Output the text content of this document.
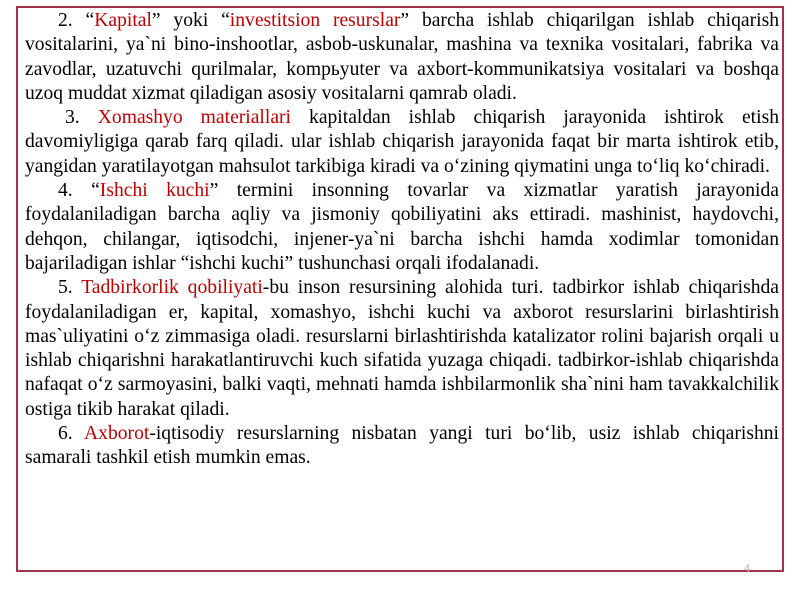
2. “Kapital” yoki “investitsion resurslar” barcha ishlab chiqarilgan ishlab chiqarish vositalarini, ya`ni bino-inshootlar, asbob-uskunalar, mashina va texnika vositalari, fabrika va zavodlar, uzatuvchi qurilmalar, kompьyuter va axbort-kommunikatsiya vositalari va boshqa uzoq muddat xizmat qiladigan asosiy vositalarni qamrab oladi.

3. Xomashyo materiallari kapitaldan ishlab chiqarish jarayonida ishtirok etish davomiyligiga qarab farq qiladi. ular ishlab chiqarish jarayonida faqat bir marta ishtirok etib, yangidan yaratilayotgan mahsulot tarkibiga kiradi va o‘zining qiymatini unga to‘liq ko‘chiradi.

4. “Ishchi kuchi” termini insonning tovarlar va xizmatlar yaratish jarayonida foydalaniladigan barcha aqliy va jismoniy qobiliyatini aks ettiradi. mashinist, haydovchi, dehqon, chilangar, iqtisodchi, injener-ya`ni barcha ishchi hamda xodimlar tomonidan bajariladigan ishlar “ishchi kuchi” tushunchasi orqali ifodalanadi.

5. Tadbirkorlik qobiliyati-bu inson resursining alohida turi. tadbirkor ishlab chiqarishda foydalaniladigan er, kapital, xomashyo, ishchi kuchi va axborot resurslarini birlashtirish mas`uliyatini o‘z zimmasiga oladi. resurslarni birlashtirishda katalizator rolini bajarish orqali u ishlab chiqarishni harakatlantiruvchi kuch sifatida yuzaga chiqadi. tadbirkor-ishlab chiqarishda nafaqat o‘z sarmoyasini, balki vaqti, mehnati hamda ishbilarmonlik sha`nini ham tavakkalchilik ostiga tikib harakat qiladi.

6. Axborot-iqtisodiy resurslarning nisbatan yangi turi bo‘lib, usiz ishlab chiqarishni samarali tashkil etish mumkin emas.

4
